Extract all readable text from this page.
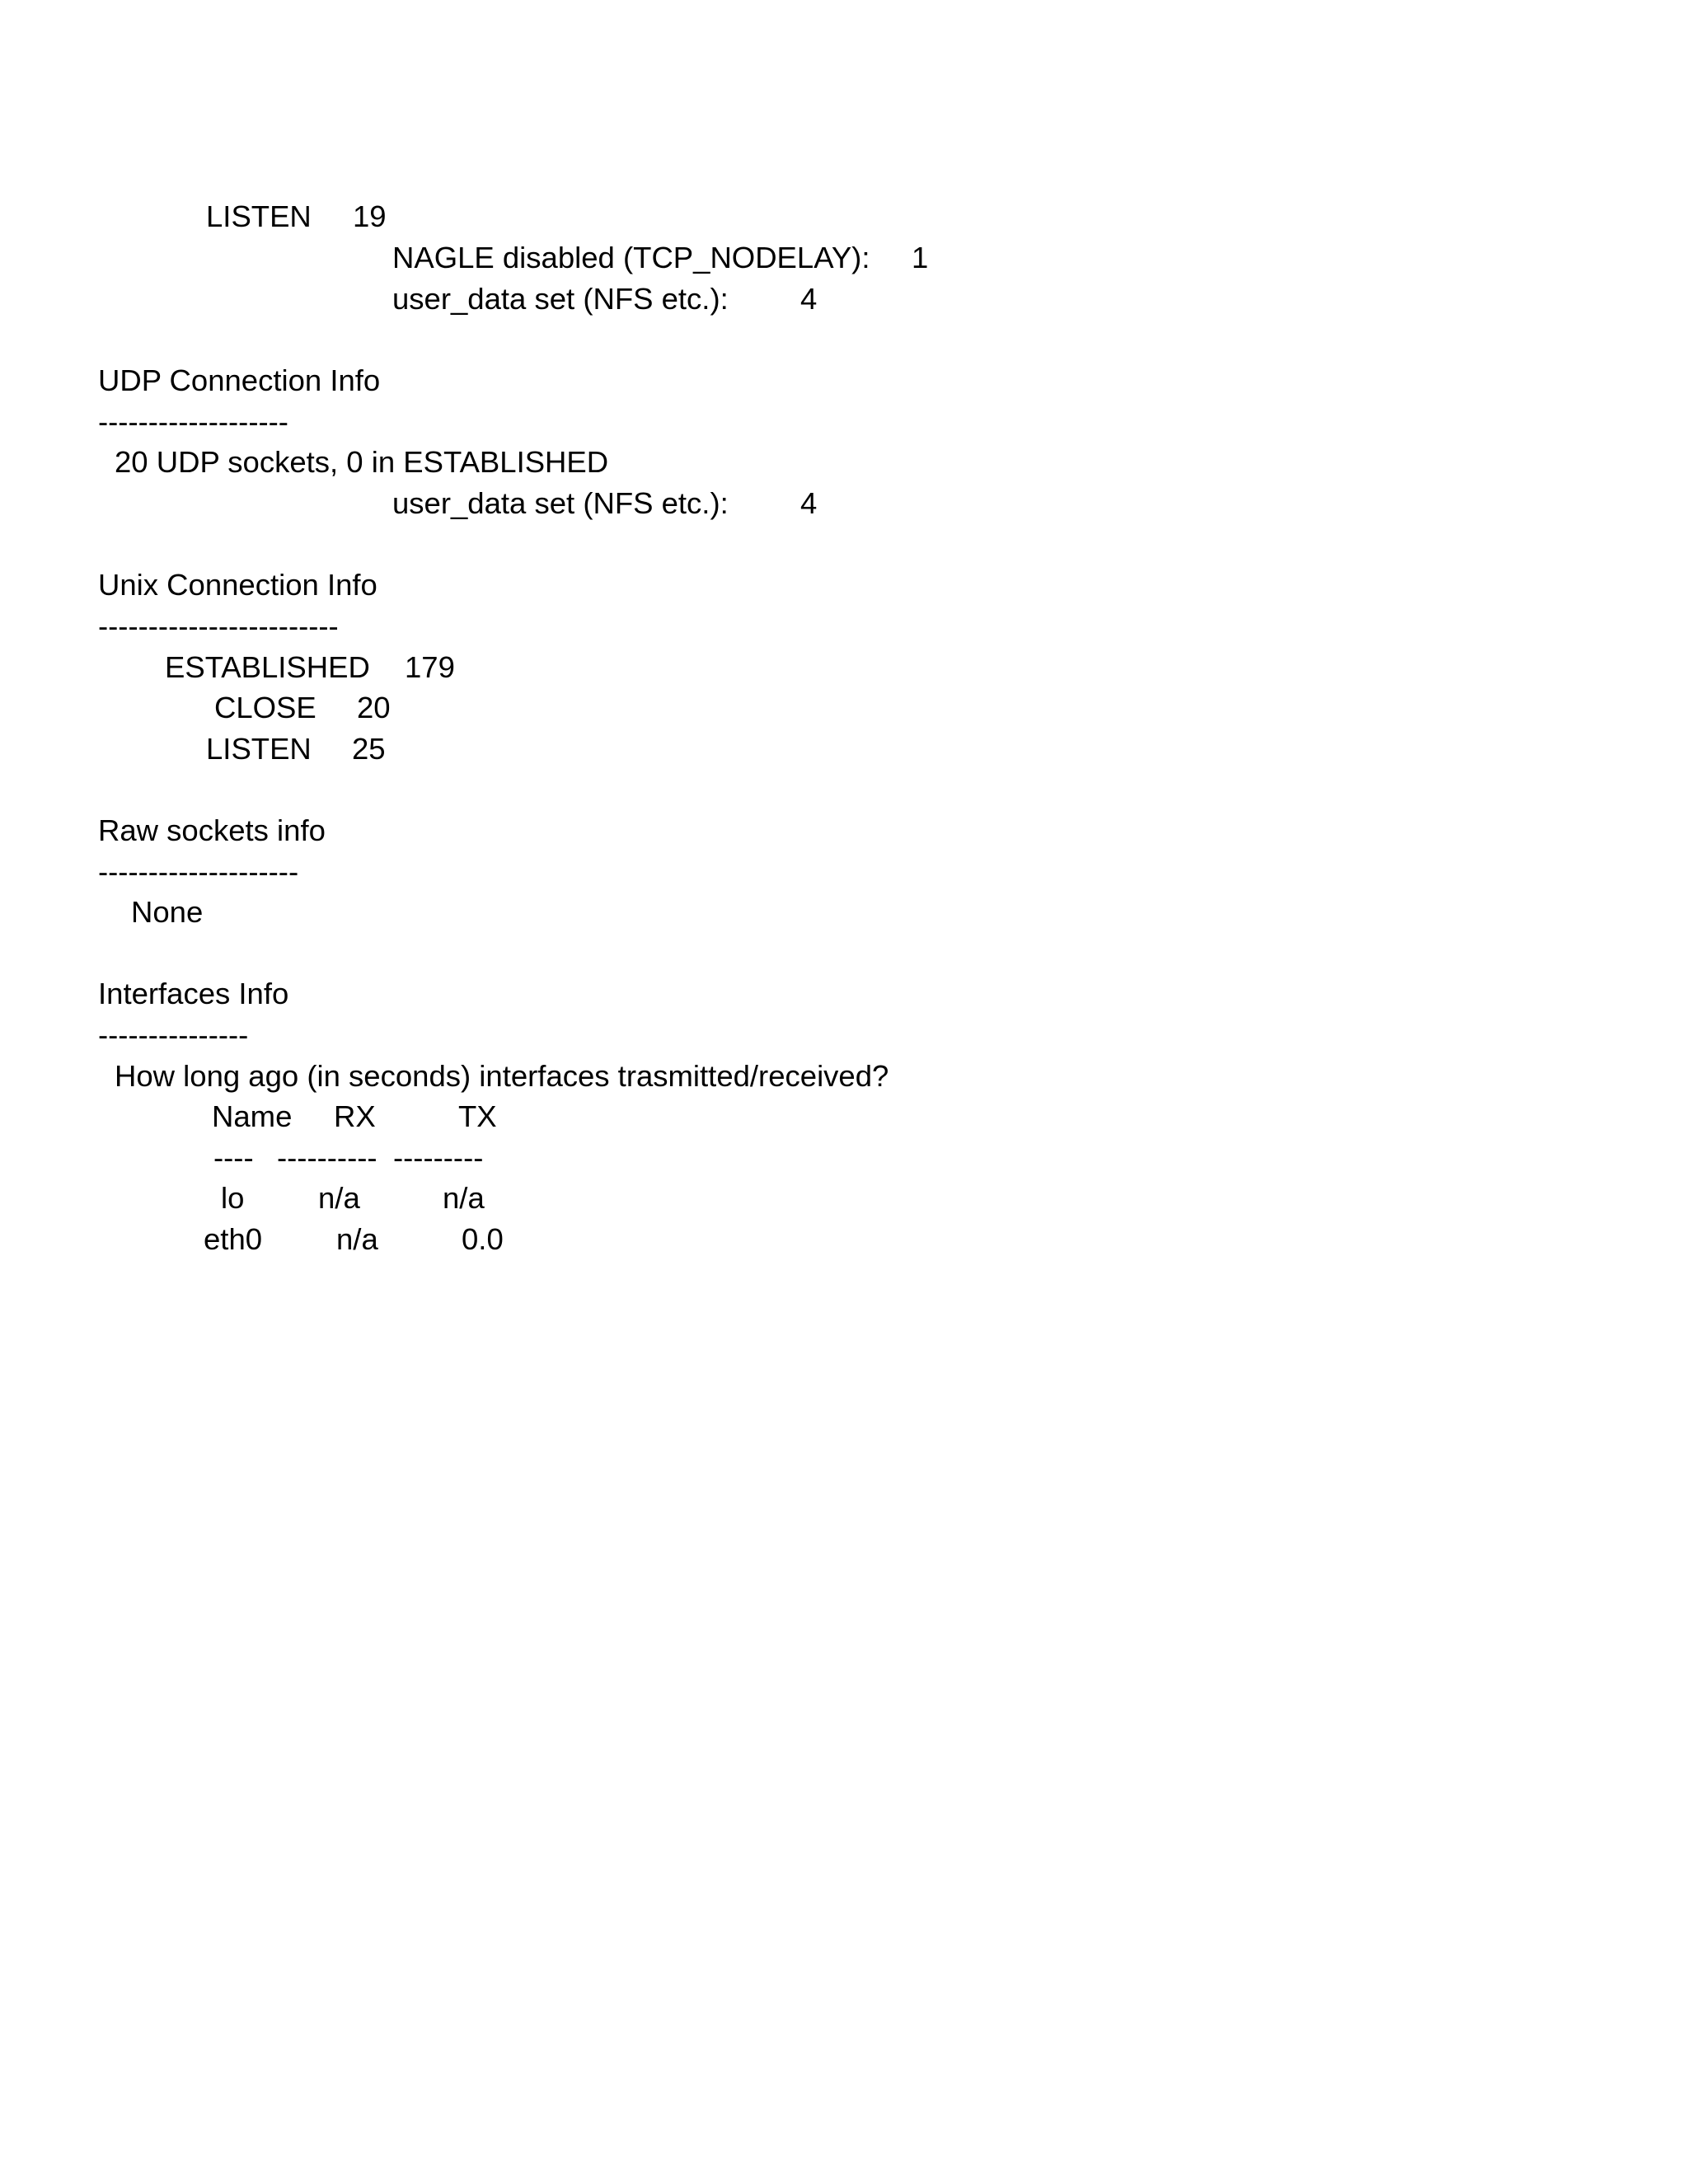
LISTEN 19

NAGLE disabled (TCP_NODELAY): 1

user_data set (NFS etc.): 4

UDP Connection Info

-------------------

20 UDP sockets, 0 in ESTABLISHED

user_data set (NFS etc.): 4

Unix Connection Info

------------------------

ESTABLISHED 179

CLOSE 20

LISTEN 25

Raw sockets info

--------------------

None

Interfaces Info

---------------

How long ago (in seconds) interfaces trasmitted/received?

Name RX	TX

---- ---------- ---------

lo n/a	n/a

eth0 n/a	0.0
